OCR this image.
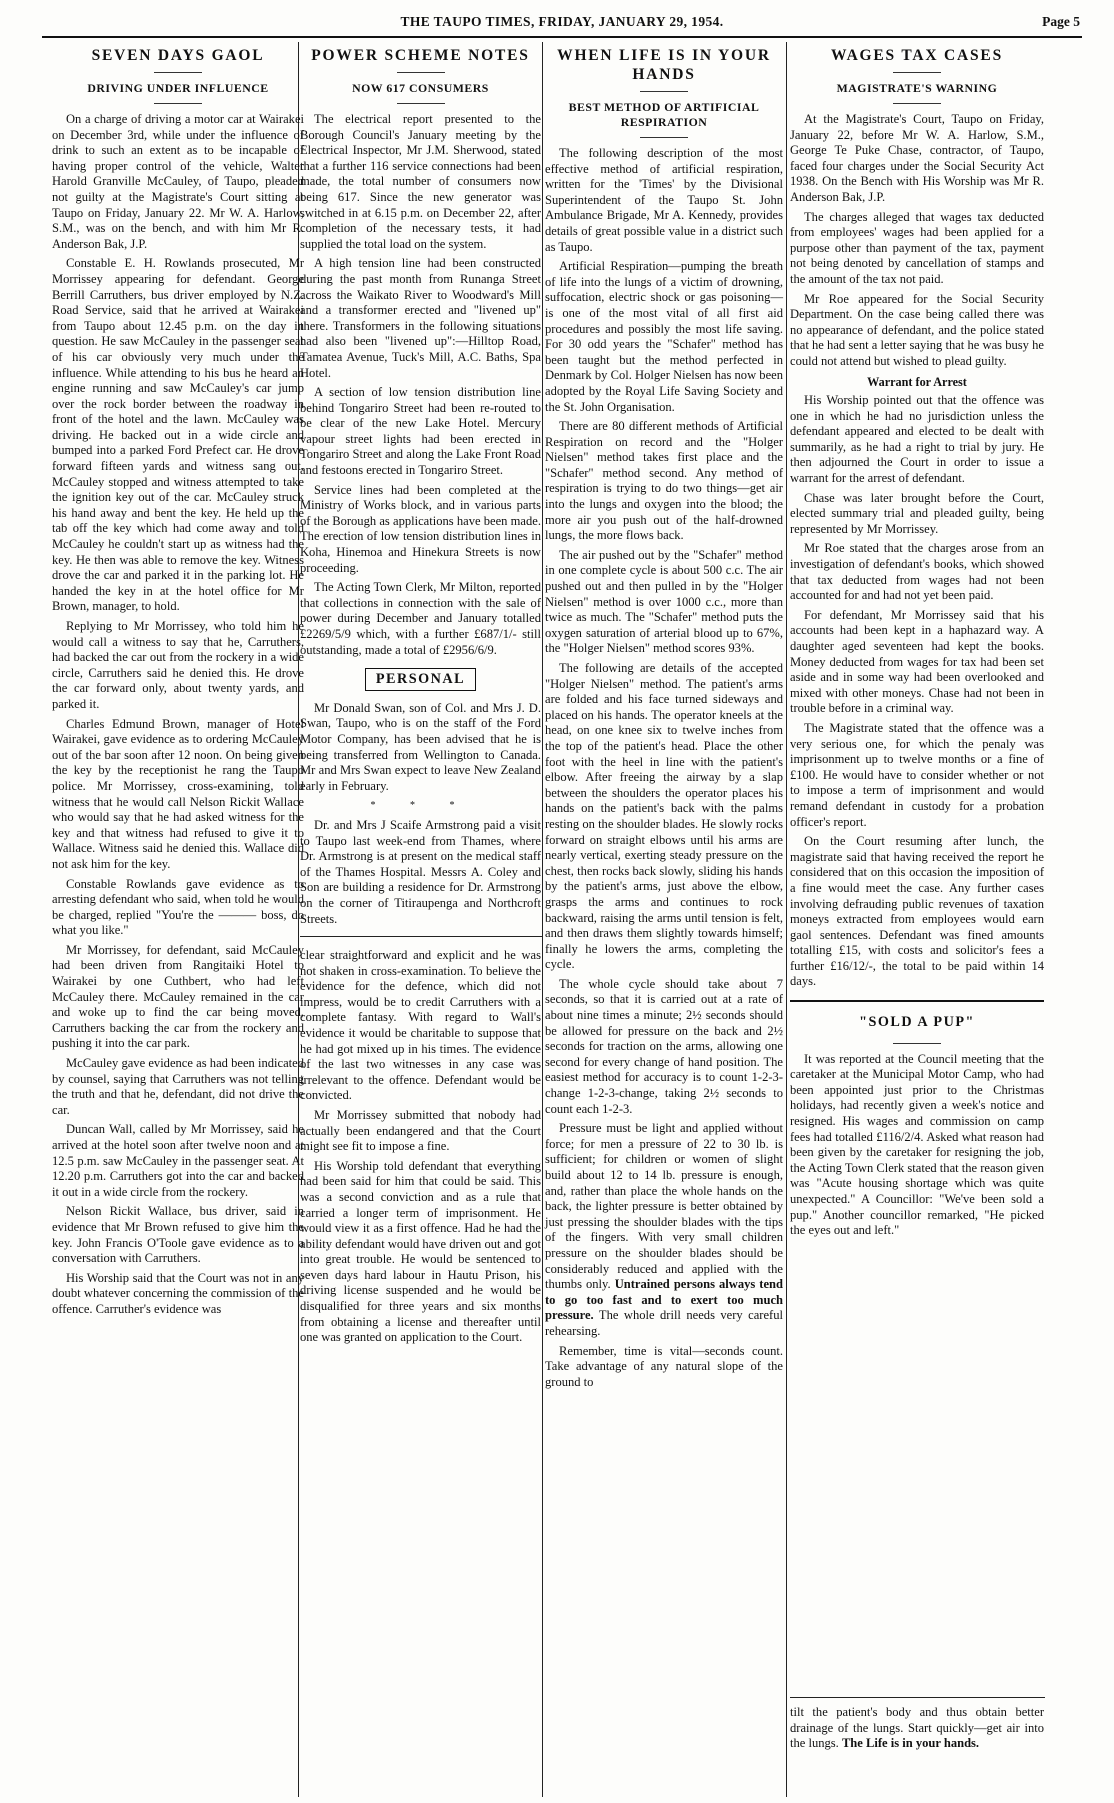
THE TAUPO TIMES, FRIDAY, JANUARY 29, 1954.	Page 5
SEVEN DAYS GAOL
DRIVING UNDER INFLUENCE

On a charge of driving a motor car at Wairakei on December 3rd, while under the influence of drink to such an extent as to be incapable of having proper control of the vehicle, Walter Harold Granville McCauley, of Taupo, pleaded not guilty at the Magistrate's Court sitting at Taupo on Friday, January 22. Mr W. A. Harlow, S.M., was on the bench, and with him Mr R. Anderson Bak, J.P.

Constable E. H. Rowlands prosecuted, Mr Morrissey appearing for defendant. George Berrill Carruthers, bus driver employed by N.Z. Road Service, said that he arrived at Wairakei from Taupo about 12.45 p.m. on the day in question. He saw McCauley in the passenger seat of his car obviously very much under the influence. While attending to his bus he heard an engine running and saw McCauley's car jump over the rock border between the roadway in front of the hotel and the lawn. McCauley was driving. He backed out in a wide circle and bumped into a parked Ford Prefect car. He drove forward fifteen yards and witness sang out. McCauley stopped and witness attempted to take the ignition key out of the car. McCauley struck his hand away and bent the key. He held up the tab off the key which had come away and told McCauley he couldn't start up as witness had the key. He then was able to remove the key. Witness drove the car and parked it in the parking lot. He handed the key in at the hotel office for Mr Brown, manager, to hold.

Replying to Mr Morrissey, who told him he would call a witness to say that he, Carruthers, had backed the car out from the rockery in a wide circle, Carruthers said he denied this. He drove the car forward only, about twenty yards, and parked it.

Charles Edmund Brown, manager of Hotel Wairakei, gave evidence as to ordering McCauley out of the bar soon after 12 noon. On being given the key by the receptionist he rang the Taupo police. Mr Morrissey, cross-examining, told witness that he would call Nelson Rickit Wallace who would say that he had asked witness for the key and that witness had refused to give it to Wallace. Witness said he denied this. Wallace did not ask him for the key.

Constable Rowlands gave evidence as to arresting defendant who said, when told he would be charged, replied "You're the ——— boss, do what you like."

Mr Morrissey, for defendant, said McCauley had been driven from Rangitaiki Hotel to Wairakei by one Cuthbert, who had left McCauley there. McCauley remained in the car and woke up to find the car being moved, Carruthers backing the car from the rockery and pushing it into the car park.

McCauley gave evidence as had been indicated by counsel, saying that Carruthers was not telling the truth and that he, defendant, did not drive the car.

Duncan Wall, called by Mr Morrissey, said he arrived at the hotel soon after twelve noon and at 12.5 p.m. saw McCauley in the passenger seat. At 12.20 p.m. Carruthers got into the car and backed it out in a wide circle from the rockery.

Nelson Rickit Wallace, bus driver, said in evidence that Mr Brown refused to give him the key. John Francis O'Toole gave evidence as to a conversation with Carruthers.

His Worship said that the Court was not in any doubt whatever concerning the commission of the offence. Carruther's evidence was

POWER SCHEME NOTES
NOW 617 CONSUMERS

The electrical report presented to the Borough Council's January meeting by the Electrical Inspector, Mr J.M. Sherwood, stated that a further 116 service connections had been made, the total number of consumers now being 617. Since the new generator was switched in at 6.15 p.m. on December 22, after completion of the necessary tests, it had supplied the total load on the system.

A high tension line had been constructed during the past month from Runanga Street across the Waikato River to Woodward's Mill and a transformer erected and "livened up" there. Transformers in the following situations had also been "livened up":—Hilltop Road, Tamatea Avenue, Tuck's Mill, A.C. Baths, Spa Hotel.

A section of low tension distribution line behind Tongariro Street had been re-routed to be clear of the new Lake Hotel. Mercury vapour street lights had been erected in Tongariro Street and along the Lake Front Road and festoons erected in Tongariro Street.

Service lines had been completed at the Ministry of Works block, and in various parts of the Borough as applications have been made. The erection of low tension distribution lines in Koha, Hinemoa and Hinekura Streets is now proceeding.

The Acting Town Clerk, Mr Milton, reported that collections in connection with the sale of power during December and January totalled £2269/5/9 which, with a further £687/1/- still outstanding, made a total of £2956/6/9.

PERSONAL

Mr Donald Swan, son of Col. and Mrs J. D. Swan, Taupo, who is on the staff of the Ford Motor Company, has been advised that he is being transferred from Wellington to Canada. Mr and Mrs Swan expect to leave New Zealand early in February.

* * *

Dr. and Mrs J Scaife Armstrong paid a visit to Taupo last week-end from Thames, where Dr. Armstrong is at present on the medical staff of the Thames Hospital. Messrs A. Coley and Son are building a residence for Dr. Armstrong on the corner of Titiraupenga and Northcroft Streets.

clear straightforward and explicit and he was not shaken in cross-examination. To believe the evidence for the defence, which did not impress, would be to credit Carruthers with a complete fantasy. With regard to Wall's evidence it would be charitable to suppose that he had got mixed up in his times. The evidence of the last two witnesses in any case was irrelevant to the offence. Defendant would be convicted.

Mr Morrissey submitted that nobody had actually been endangered and that the Court might see fit to impose a fine.

His Worship told defendant that everything had been said for him that could be said. This was a second conviction and as a rule that carried a longer term of imprisonment. He would view it as a first offence. Had he had the ability defendant would have driven out and got into great trouble. He would be sentenced to seven days hard labour in Hautu Prison, his driving license suspended and he would be disqualified for three years and six months from obtaining a license and thereafter until one was granted on application to the Court.

WHEN LIFE IS IN YOUR HANDS
BEST METHOD OF ARTIFICIAL RESPIRATION

The following description of the most effective method of artificial respiration, written for the 'Times' by the Divisional Superintendent of the Taupo St. John Ambulance Brigade, Mr A. Kennedy, provides details of great possible value in a district such as Taupo.

Artificial Respiration—pumping the breath of life into the lungs of a victim of drowning, suffocation, electric shock or gas poisoning—is one of the most vital of all first aid procedures and possibly the most life saving. For 30 odd years the "Schafer" method has been taught but the method perfected in Denmark by Col. Holger Nielsen has now been adopted by the Royal Life Saving Society and the St. John Organisation.

There are 80 different methods of Artificial Respiration on record and the "Holger Nielsen" method takes first place and the "Schafer" method second. Any method of respiration is trying to do two things—get air into the lungs and oxygen into the blood; the more air you push out of the half-drowned lungs, the more flows back.

The air pushed out by the "Schafer" method in one complete cycle is about 500 c.c. The air pushed out and then pulled in by the "Holger Nielsen" method is over 1000 c.c., more than twice as much. The "Schafer" method puts the oxygen saturation of arterial blood up to 67%, the "Holger Nielsen" method scores 93%.

The following are details of the accepted "Holger Nielsen" method. The patient's arms are folded and his face turned sideways and placed on his hands. The operator kneels at the head, on one knee six to twelve inches from the top of the patient's head. Place the other foot with the heel in line with the patient's elbow. After freeing the airway by a slap between the shoulders the operator places his hands on the patient's back with the palms resting on the shoulder blades. He slowly rocks forward on straight elbows until his arms are nearly vertical, exerting steady pressure on the chest, then rocks back slowly, sliding his hands by the patient's arms, just above the elbow, grasps the arms and continues to rock backward, raising the arms until tension is felt, and then draws them slightly towards himself; finally he lowers the arms, completing the cycle.

The whole cycle should take about 7 seconds, so that it is carried out at a rate of about nine times a minute; 2½ seconds should be allowed for pressure on the back and 2½ seconds for traction on the arms, allowing one second for every change of hand position. The easiest method for accuracy is to count 1-2-3-change 1-2-3-change, taking 2½ seconds to count each 1-2-3.

Pressure must be light and applied without force; for men a pressure of 22 to 30 lb. is sufficient; for children or women of slight build about 12 to 14 lb. pressure is enough, and, rather than place the whole hands on the back, the lighter pressure is better obtained by just pressing the shoulder blades with the tips of the fingers. With very small children pressure on the shoulder blades should be considerably reduced and applied with the thumbs only. Untrained persons always tend to go too fast and to exert too much pressure. The whole drill needs very careful rehearsing.

Remember, time is vital—seconds count. Take advantage of any natural slope of the ground to

WAGES TAX CASES
MAGISTRATE'S WARNING

At the Magistrate's Court, Taupo on Friday, January 22, before Mr W. A. Harlow, S.M., George Te Puke Chase, contractor, of Taupo, faced four charges under the Social Security Act 1938. On the Bench with His Worship was Mr R. Anderson Bak, J.P.

The charges alleged that wages tax deducted from employees' wages had been applied for a purpose other than payment of the tax, payment not being denoted by cancellation of stamps and the amount of the tax not paid.

Mr Roe appeared for the Social Security Department. On the case being called there was no appearance of defendant, and the police stated that he had sent a letter saying that he was busy he could not attend but wished to plead guilty.

Warrant for Arrest

His Worship pointed out that the offence was one in which he had no jurisdiction unless the defendant appeared and elected to be dealt with summarily, as he had a right to trial by jury. He then adjourned the Court in order to issue a warrant for the arrest of defendant.

Chase was later brought before the Court, elected summary trial and pleaded guilty, being represented by Mr Morrissey.

Mr Roe stated that the charges arose from an investigation of defendant's books, which showed that tax deducted from wages had not been accounted for and had not yet been paid.

For defendant, Mr Morrissey said that his accounts had been kept in a haphazard way. A daughter aged seventeen had kept the books. Money deducted from wages for tax had been set aside and in some way had been overlooked and mixed with other moneys. Chase had not been in trouble before in a criminal way.

The Magistrate stated that the offence was a very serious one, for which the penaly was imprisonment up to twelve months or a fine of £100. He would have to consider whether or not to impose a term of imprisonment and would remand defendant in custody for a probation officer's report.

On the Court resuming after lunch, the magistrate said that having received the report he considered that on this occasion the imposition of a fine would meet the case. Any further cases involving defrauding public revenues of taxation moneys extracted from employees would earn gaol sentences. Defendant was fined amounts totalling £15, with costs and solicitor's fees a further £16/12/-, the total to be paid within 14 days.

"SOLD A PUP"

It was reported at the Council meeting that the caretaker at the Municipal Motor Camp, who had been appointed just prior to the Christmas holidays, had recently given a week's notice and resigned. His wages and commission on camp fees had totalled £116/2/4. Asked what reason had been given by the caretaker for resigning the job, the Acting Town Clerk stated that the reason given was "Acute housing shortage which was quite unexpected." A Councillor: "We've been sold a pup." Another councillor remarked, "He picked the eyes out and left."

tilt the patient's body and thus obtain better drainage of the lungs. Start quickly—get air into the lungs. The Life is in your hands.
